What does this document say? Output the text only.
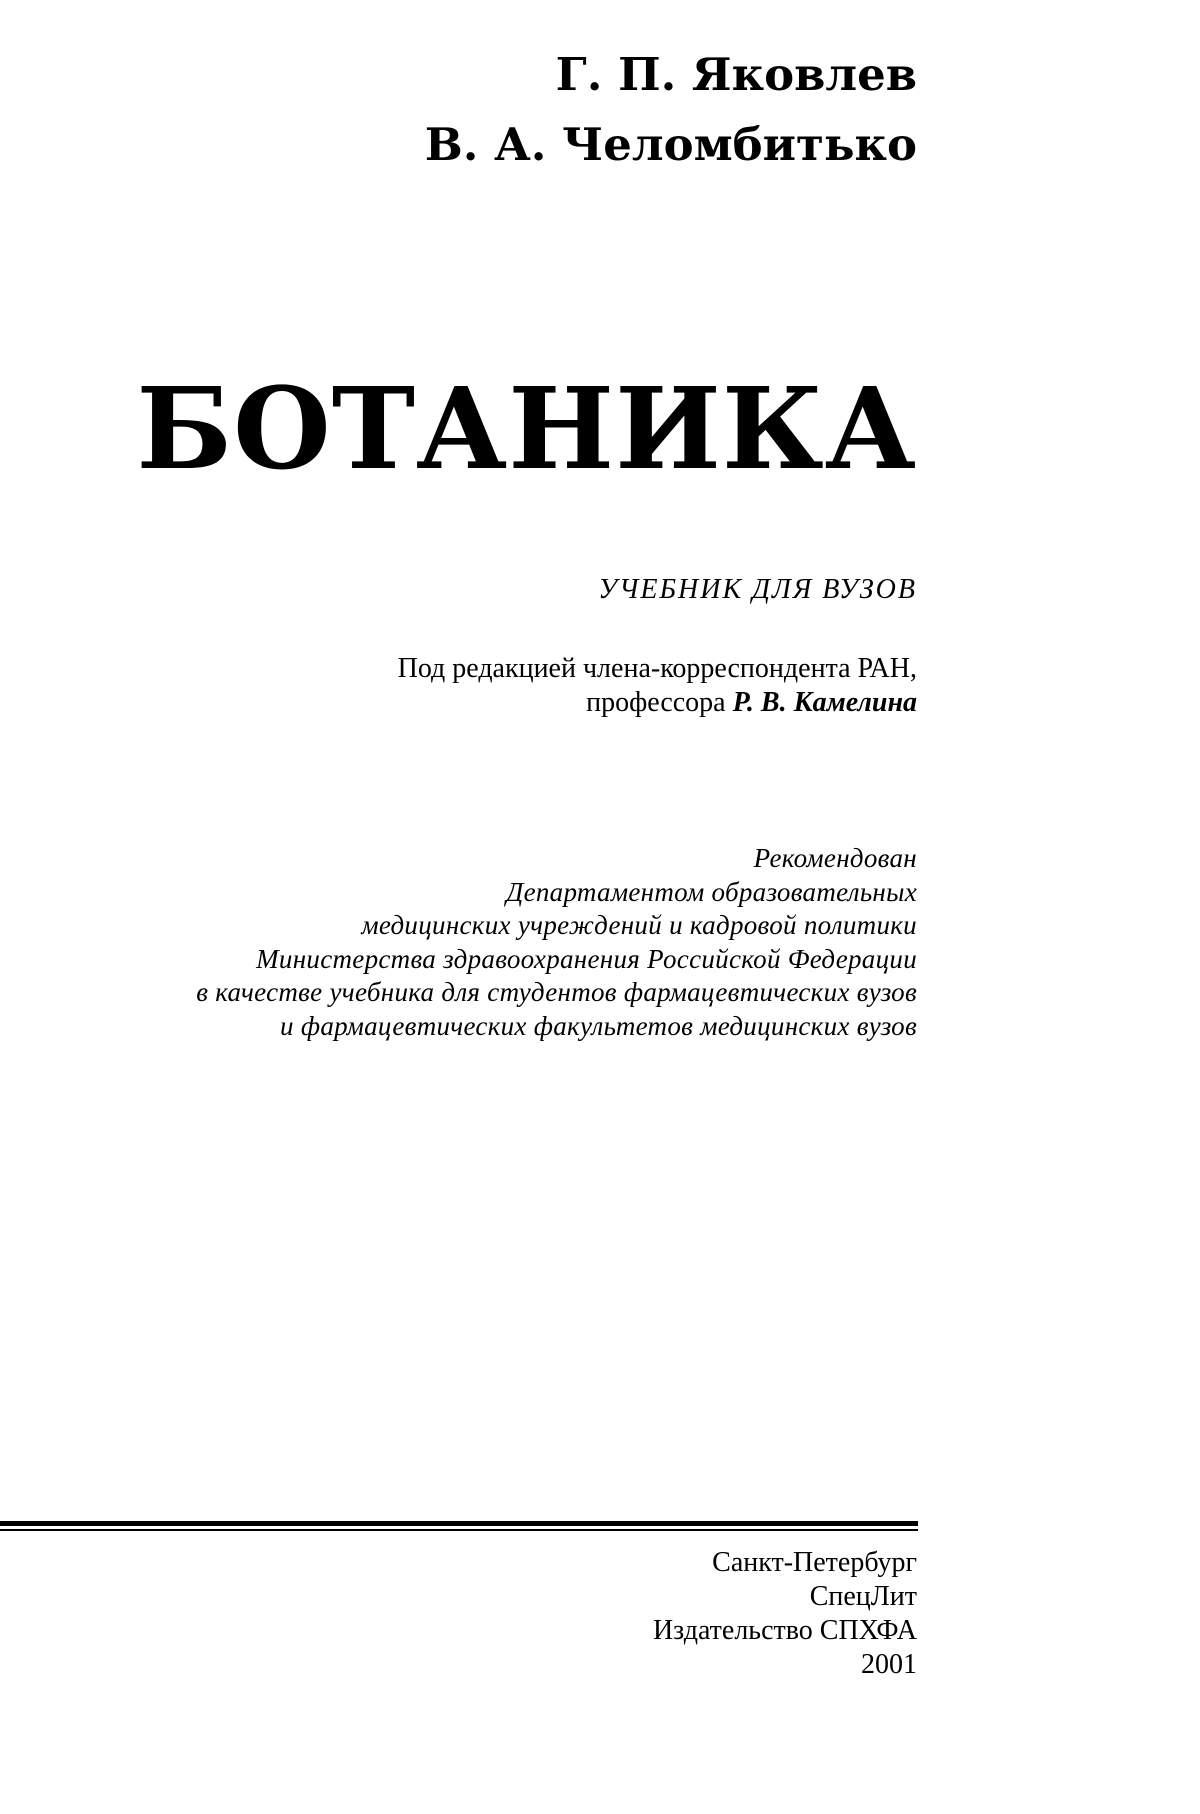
Г. П. Яковлев
В. А. Челомбитько
БОТАНИКА
УЧЕБНИК ДЛЯ ВУЗОВ
Под редакцией члена-корреспондента РАН,
профессора Р. В. Камелина
Рекомендован
Департаментом образовательных
медицинских учреждений и кадровой политики
Министерства здравоохранения Российской Федерации
в качестве учебника для студентов фармацевтических вузов
и фармацевтических факультетов медицинских вузов
Санкт-Петербург
СпецЛит
Издательство СПХФА
2001
